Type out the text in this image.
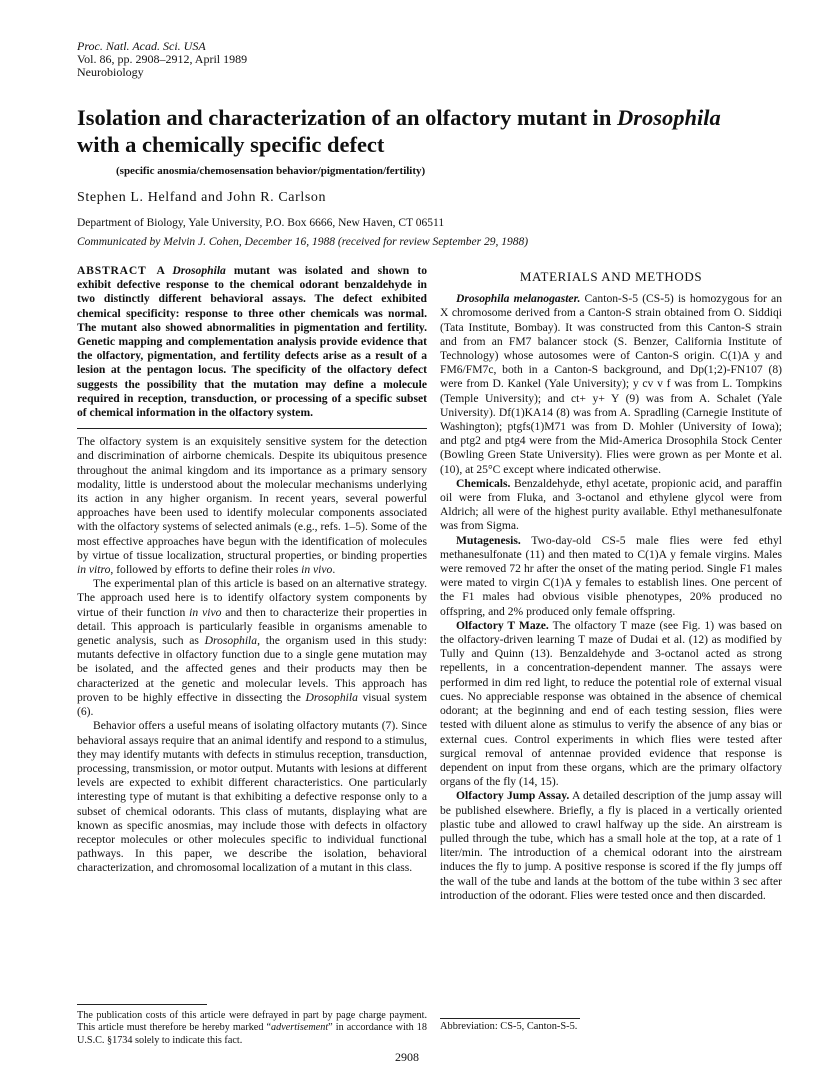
Proc. Natl. Acad. Sci. USA
Vol. 86, pp. 2908–2912, April 1989
Neurobiology
Isolation and characterization of an olfactory mutant in Drosophila with a chemically specific defect
(specific anosmia/chemosensation behavior/pigmentation/fertility)
Stephen L. Helfand and John R. Carlson
Department of Biology, Yale University, P.O. Box 6666, New Haven, CT 06511
Communicated by Melvin J. Cohen, December 16, 1988 (received for review September 29, 1988)

ABSTRACT A Drosophila mutant was isolated and shown to exhibit defective response to the chemical odorant benzaldehyde in two distinctly different behavioral assays. The defect exhibited chemical specificity: response to three other chemicals was normal. The mutant also showed abnormalities in pigmentation and fertility. Genetic mapping and complementation analysis provide evidence that the olfactory, pigmentation, and fertility defects arise as a result of a lesion at the pentagon locus. The specificity of the olfactory defect suggests the possibility that the mutation may define a molecule required in reception, transduction, or processing of a specific subset of chemical information in the olfactory system.

The olfactory system is an exquisitely sensitive system for the detection and discrimination of airborne chemicals. Despite its ubiquitous presence throughout the animal kingdom and its importance as a primary sensory modality, little is understood about the molecular mechanisms underlying its action in any higher organism. In recent years, several powerful approaches have been used to identify molecular components associated with the olfactory systems of selected animals (e.g., refs. 1–5). Some of the most effective approaches have begun with the identification of molecules by virtue of tissue localization, structural properties, or binding properties in vitro, followed by efforts to define their roles in vivo.

The experimental plan of this article is based on an alternative strategy. The approach used here is to identify olfactory system components by virtue of their function in vivo and then to characterize their properties in detail. This approach is particularly feasible in organisms amenable to genetic analysis, such as Drosophila, the organism used in this study: mutants defective in olfactory function due to a single gene mutation may be isolated, and the affected genes and their products may then be characterized at the genetic and molecular levels. This approach has proven to be highly effective in dissecting the Drosophila visual system (6).

Behavior offers a useful means of isolating olfactory mutants (7). Since behavioral assays require that an animal identify and respond to a stimulus, they may identify mutants with defects in stimulus reception, transduction, processing, transmission, or motor output. Mutants with lesions at different levels are expected to exhibit different characteristics. One particularly interesting type of mutant is that exhibiting a defective response only to a subset of chemical odorants. This class of mutants, displaying what are known as specific anosmias, may include those with defects in olfactory receptor molecules or other molecules specific to individual functional pathways. In this paper, we describe the isolation, behavioral characterization, and chromosomal localization of a mutant in this class.

The publication costs of this article were defrayed in part by page charge payment. This article must therefore be hereby marked “advertisement” in accordance with 18 U.S.C. §1734 solely to indicate this fact.
MATERIALS AND METHODS

Drosophila melanogaster. Canton-S-5 (CS-5) is homozygous for an X chromosome derived from a Canton-S strain obtained from O. Siddiqi (Tata Institute, Bombay). It was constructed from this Canton-S strain and from an FM7 balancer stock (S. Benzer, California Institute of Technology) whose autosomes were of Canton-S origin. C(1)A y and FM6/FM7c, both in a Canton-S background, and Dp(1;2)-FN107 (8) were from D. Kankel (Yale University); y cv v f was from L. Tompkins (Temple University); and ct+ y+ Y (9) was from A. Schalet (Yale University). Df(1)KA14 (8) was from A. Spradling (Carnegie Institute of Washington); ptgfs(1)M71 was from D. Mohler (University of Iowa); and ptg2 and ptg4 were from the Mid-America Drosophila Stock Center (Bowling Green State University). Flies were grown as per Monte et al. (10), at 25°C except where indicated otherwise.

Chemicals. Benzaldehyde, ethyl acetate, propionic acid, and paraffin oil were from Fluka, and 3-octanol and ethylene glycol were from Aldrich; all were of the highest purity available. Ethyl methanesulfonate was from Sigma.

Mutagenesis. Two-day-old CS-5 male flies were fed ethyl methanesulfonate (11) and then mated to C(1)A y female virgins. Males were removed 72 hr after the onset of the mating period. Single F1 males were mated to virgin C(1)A y females to establish lines. One percent of the F1 males had obvious visible phenotypes, 20% produced no offspring, and 2% produced only female offspring.

Olfactory T Maze. The olfactory T maze (see Fig. 1) was based on the olfactory-driven learning T maze of Dudai et al. (12) as modified by Tully and Quinn (13). Benzaldehyde and 3-octanol acted as strong repellents, in a concentration-dependent manner. The assays were performed in dim red light, to reduce the potential role of external visual cues. No appreciable response was obtained in the absence of chemical odorant; at the beginning and end of each testing session, flies were tested with diluent alone as stimulus to verify the absence of any bias or external cues. Control experiments in which flies were tested after surgical removal of antennae provided evidence that response is dependent on input from these organs, which are the primary olfactory organs of the fly (14, 15).

Olfactory Jump Assay. A detailed description of the jump assay will be published elsewhere. Briefly, a fly is placed in a vertically oriented plastic tube and allowed to crawl halfway up the side. An airstream is pulled through the tube, which has a small hole at the top, at a rate of 1 liter/min. The introduction of a chemical odorant into the airstream induces the fly to jump. A positive response is scored if the fly jumps off the wall of the tube and lands at the bottom of the tube within 3 sec after introduction of the odorant. Flies were tested once and then discarded.

Abbreviation: CS-5, Canton-S-5.
2908
